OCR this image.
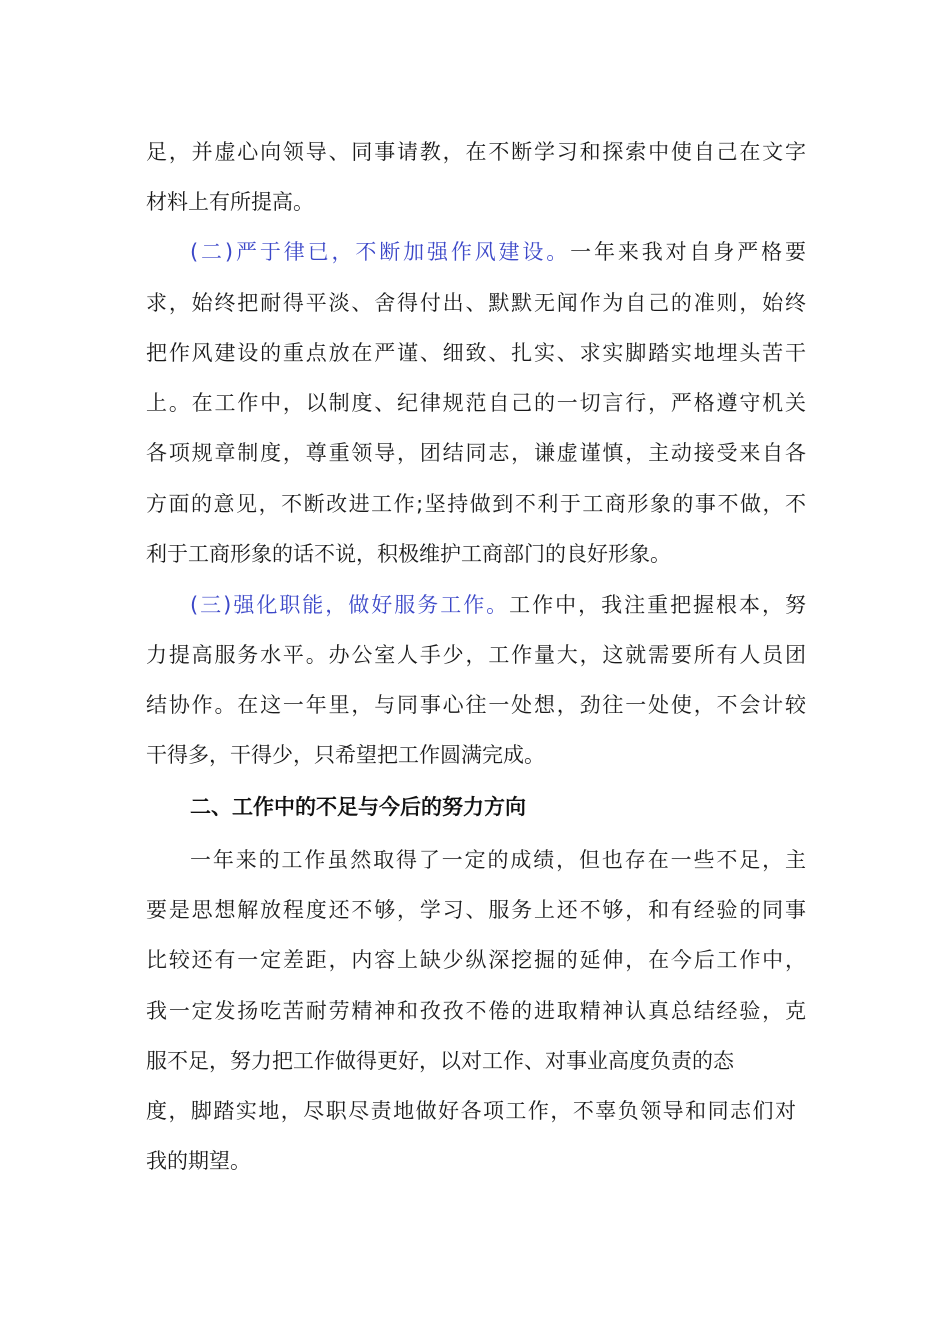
足，并虚心向领导、同事请教，在不断学习和探索中使自己在文字
材料上有所提高。
(二)严于律已，不断加强作风建设。一年来我对自身严格要
求，始终把耐得平淡、舍得付出、默默无闻作为自己的准则，始终
把作风建设的重点放在严谨、细致、扎实、求实脚踏实地埋头苦干
上。在工作中，以制度、纪律规范自己的一切言行，严格遵守机关
各项规章制度，尊重领导，团结同志，谦虚谨慎，主动接受来自各
方面的意见，不断改进工作;坚持做到不利于工商形象的事不做，不
利于工商形象的话不说，积极维护工商部门的良好形象。
(三)强化职能，做好服务工作。工作中，我注重把握根本，努
力提高服务水平。办公室人手少，工作量大，这就需要所有人员团
结协作。在这一年里，与同事心往一处想，劲往一处使，不会计较
干得多，干得少，只希望把工作圆满完成。
二、工作中的不足与今后的努力方向
一年来的工作虽然取得了一定的成绩，但也存在一些不足，主
要是思想解放程度还不够，学习、服务上还不够，和有经验的同事
比较还有一定差距，内容上缺少纵深挖掘的延伸，在今后工作中，
我一定发扬吃苦耐劳精神和孜孜不倦的进取精神认真总结经验，克
服不足，努力把工作做得更好，以对工作、对事业高度负责的态
度，脚踏实地，尽职尽责地做好各项工作，不辜负领导和同志们对
我的期望。
